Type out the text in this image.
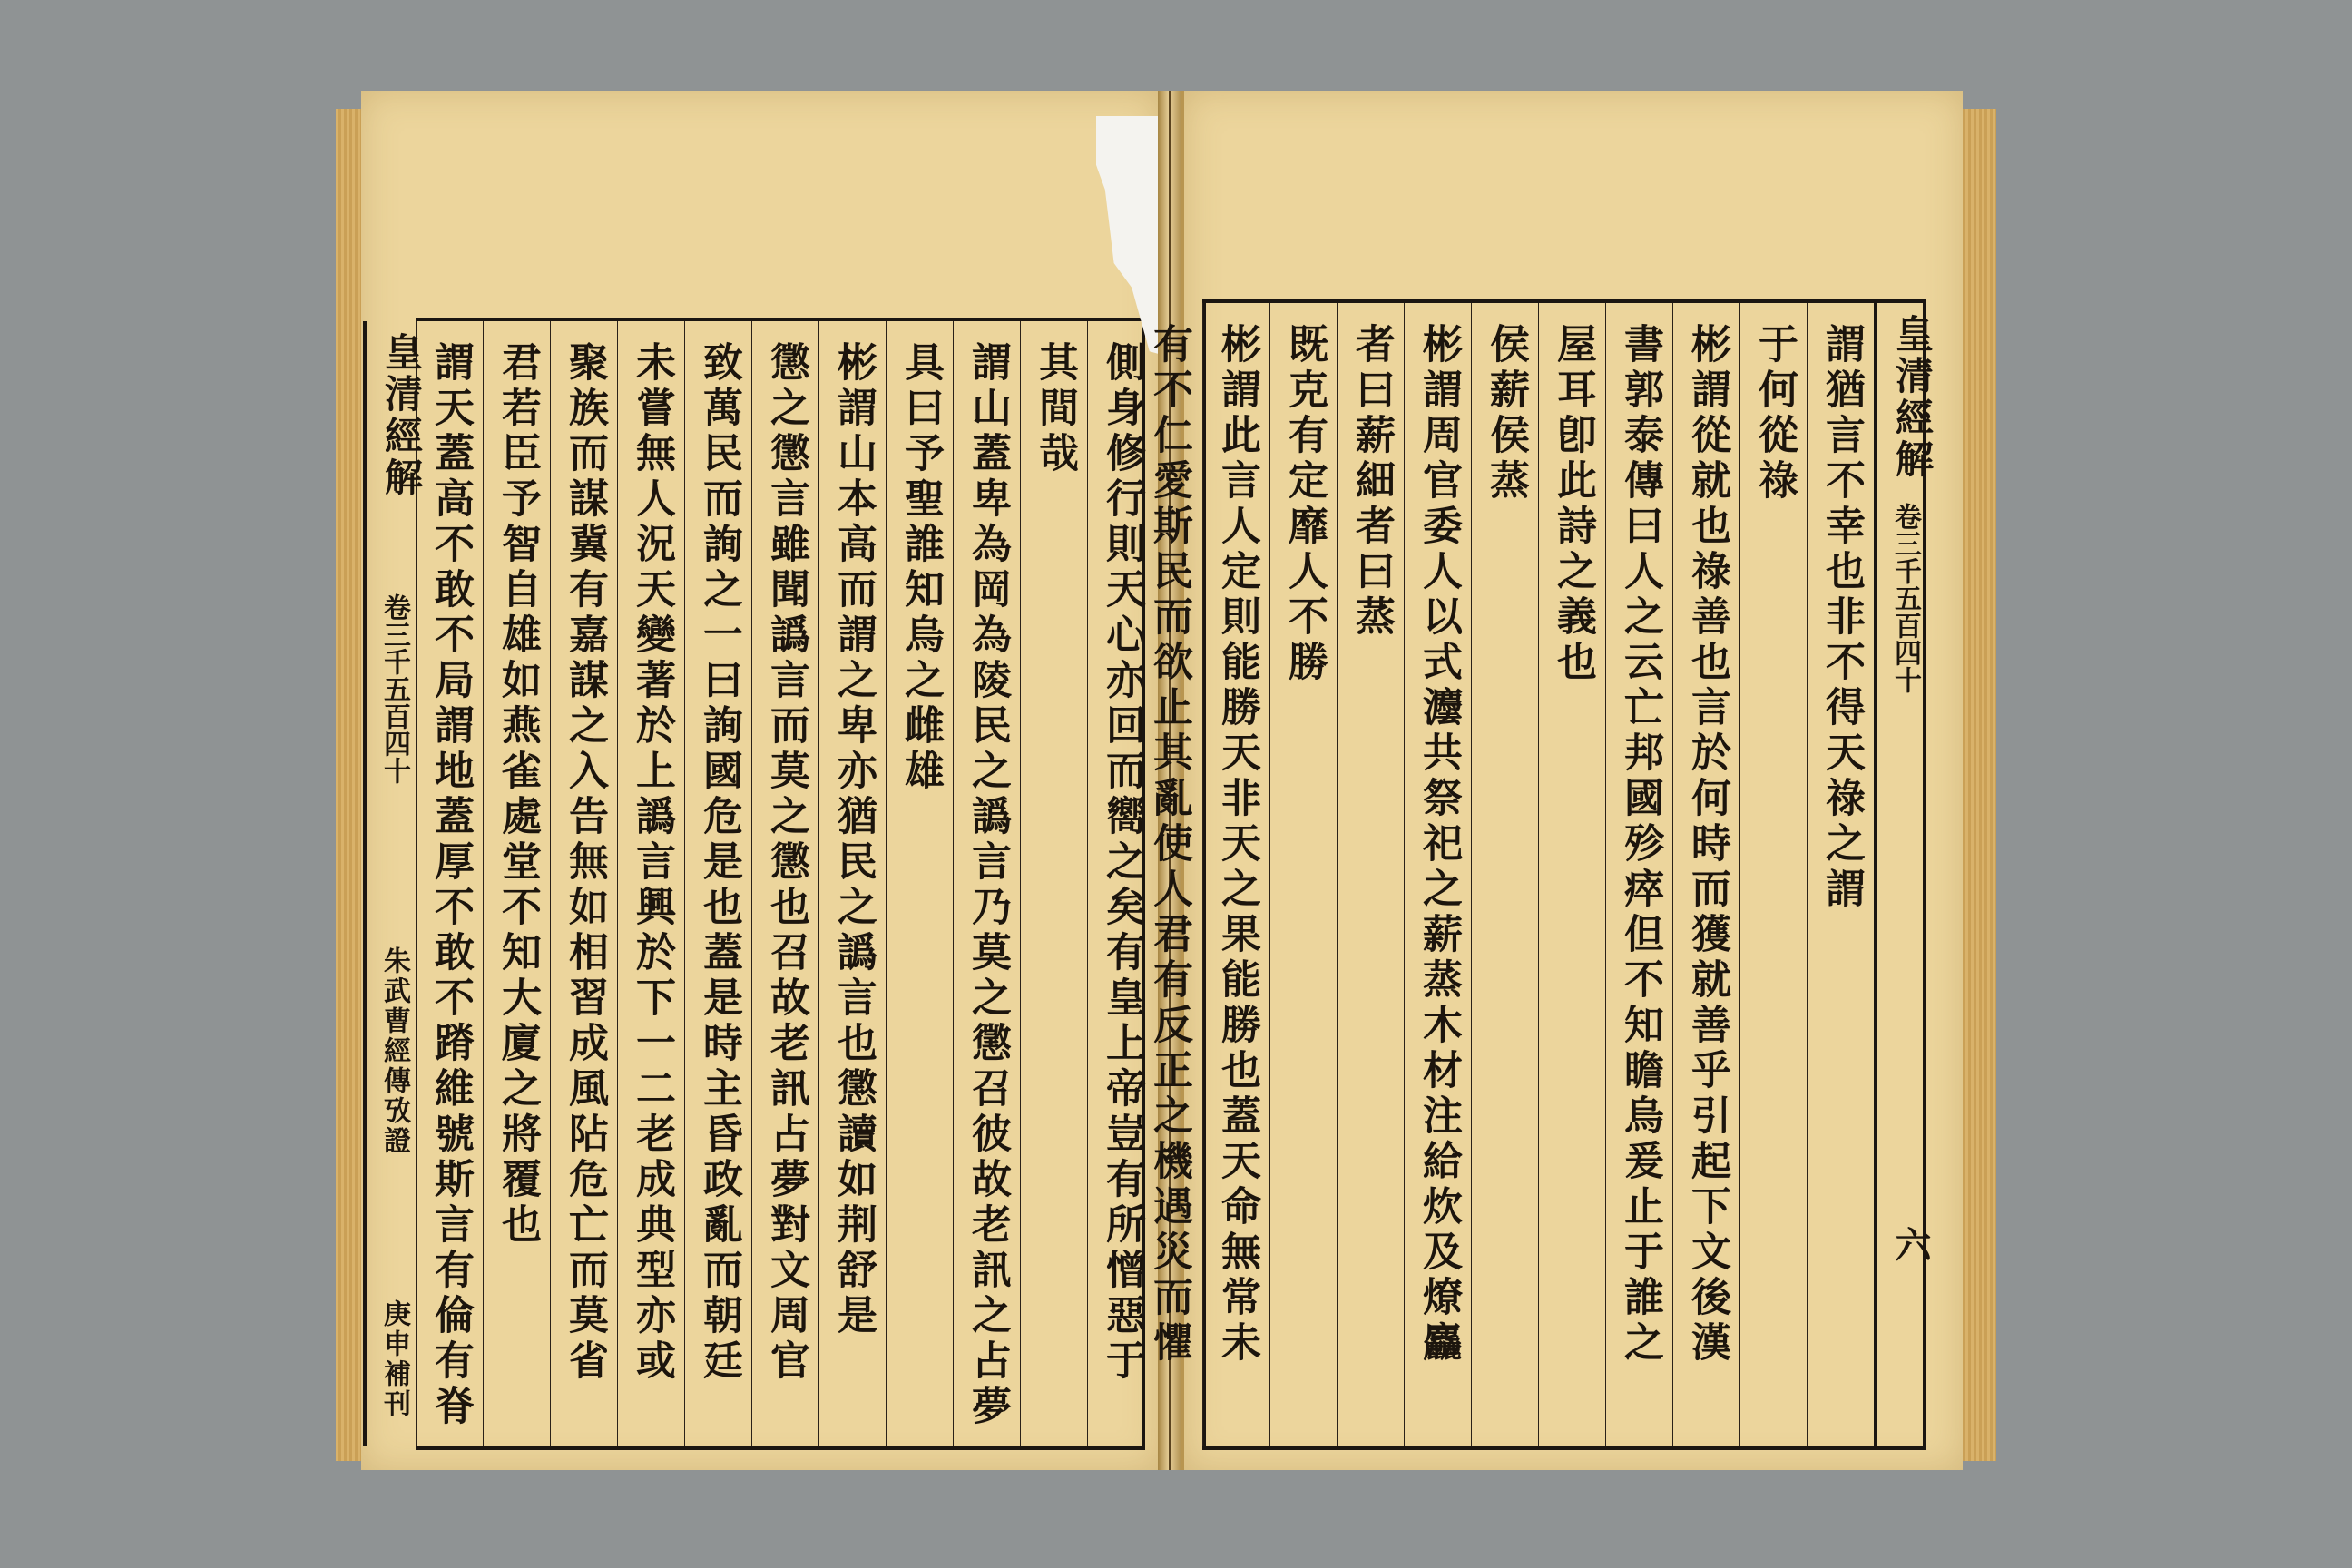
側身修行則天心亦回而嚮之矣有皇上帝豈有所憎惡于
其間哉
謂山蓋卑為岡為陵民之譌言乃莫之懲召彼故老訊之占夢
具曰予聖誰知烏之雌雄
彬謂山本高而謂之卑亦猶民之譌言也懲讀如荆舒是
懲之懲言雖聞譌言而莫之懲也召故老訊占夢對文周官
致萬民而詢之一曰詢國危是也蓋是時主昏政亂而朝廷
未嘗無人況天變著於上譌言興於下一二老成典型亦或
聚族而謀冀有嘉謀之入告無如相習成風阽危亡而莫省
君若臣予智自雄如燕雀處堂不知大廈之將覆也
謂天蓋高不敢不局謂地蓋厚不敢不蹐維號斯言有倫有脊
皇清經解
卷三千五百四十
朱武曹經傳攷證
庚申補刊
皇清經解
卷三千五百四十
六
謂猶言不幸也非不得天祿之謂
于何從祿
彬謂從就也祿善也言於何時而獲就善乎引起下文後漢
書郭泰傳曰人之云亡邦國殄瘁但不知瞻烏爰止于誰之
屋耳卽此詩之義也
侯薪侯蒸
彬謂周官委人以式灋共祭祀之薪蒸木材注給炊及燎麤
者曰薪細者曰蒸
既克有定靡人不勝
彬謂此言人定則能勝天非天之果能勝也蓋天命無常未
有不仁愛斯民而欲止其亂使人君有反正之機遇災而懼
